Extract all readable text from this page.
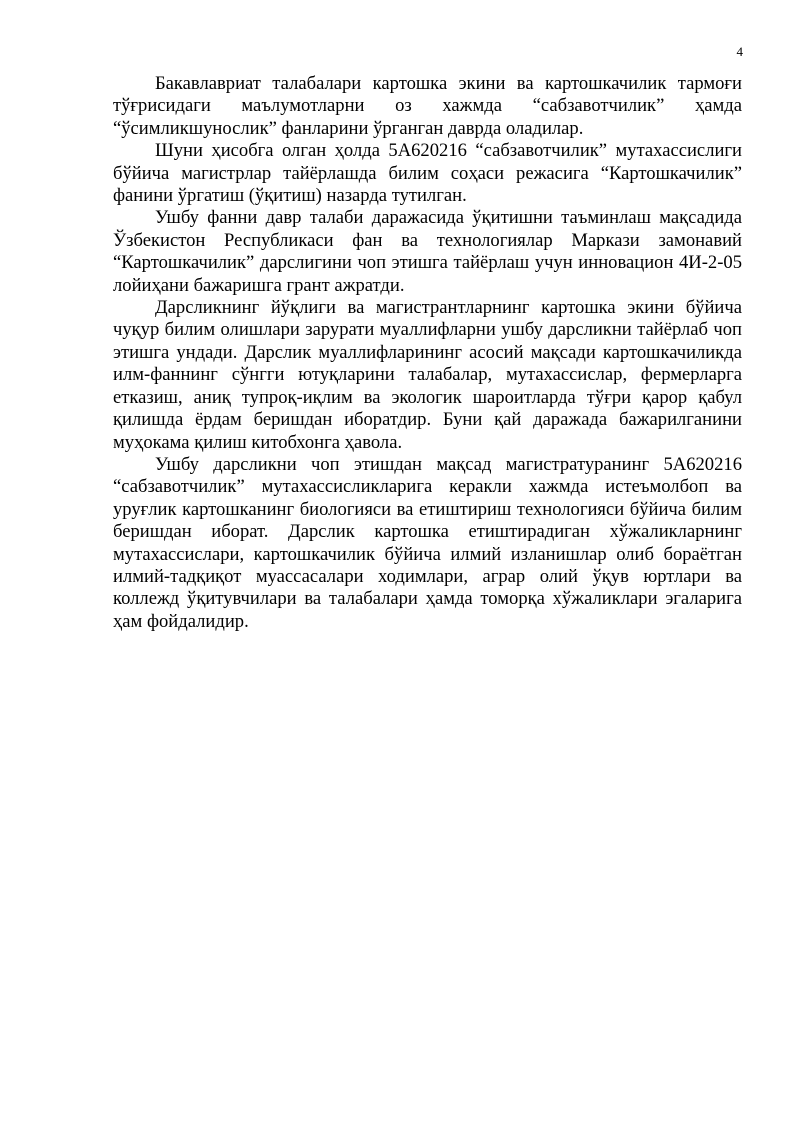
4

Бакавлавриат талабалари картошка экини ва картошкачилик тармоғи тўғрисидаги маълумотларни оз хажмда “сабзавотчилик” ҳамда “ўсимликшунослик” фанларини ўрганган даврда оладилар.

Шуни ҳисобга олган ҳолда 5А620216 “сабзавотчилик” мутахассислиги бўйича магистрлар тайёрлашда билим соҳаси режасига “Картошкачилик” фанини ўргатиш (ўқитиш) назарда тутилган.

Ушбу фанни давр талаби даражасида ўқитишни таъминлаш мақсадида Ўзбекистон Республикаси фан ва технологиялар Маркази замонавий “Картошкачилик” дарслигини чоп этишга тайёрлаш учун инновацион 4И-2-05 лойиҳани бажаришга грант ажратди.

Дарсликнинг йўқлиги ва магистрантларнинг картошка экини бўйича чуқур билим олишлари зарурати муаллифларни ушбу дарсликни тайёрлаб чоп этишга ундади. Дарслик муаллифларининг асосий мақсади картошкачиликда илм-фаннинг сўнгги ютуқларини талабалар, мутахассислар, фермерларга етказиш, аниқ тупроқ-иқлим ва экологик шароитларда тўғри қарор қабул қилишда ёрдам беришдан иборатдир. Буни қай даражада бажарилганини муҳокама қилиш китобхонга ҳавола.

Ушбу дарсликни чоп этишдан мақсад магистратуранинг 5А620216 “сабзавотчилик” мутахассисликларига керакли хажмда истеъмолбоп ва уруғлик картошканинг биологияси ва етиштириш технологияси бўйича билим беришдан иборат. Дарслик картошка етиштирадиган хўжаликларнинг мутахассислари, картошкачилик бўйича илмий изланишлар олиб бораётган илмий-тадқиқот муассасалари ходимлари, аграр олий ўқув юртлари ва коллежд ўқитувчилари ва талабалари ҳамда томорқа хўжаликлари эгаларига ҳам фойдалидир.
